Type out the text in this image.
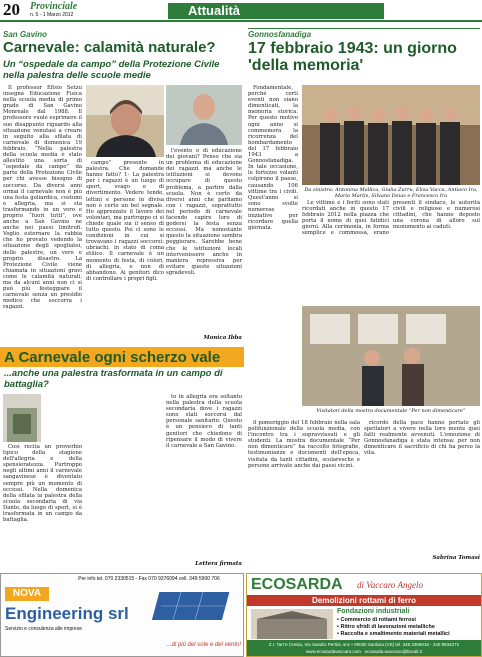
20 Provinciale
n. 5 - 1 Marzo 2012	Attualità
San Gavino
Carnevale: calamità naturale?
Un “ospedale da campo” della Protezione Civile nella palestra delle scuole medie

Il professor Efisio Setzu insegna Educazione Fisica nella scuola media di primo grado di San Gavino Monreale dal 1988. Il professore vuole esprimere il suo disappunto riguardo alla situazione venutasi a creare in seguito alla sfilata di carnevale di domenica 19 febbraio. “Nella palestra della scuola media è stato allestito una sorta di “ospedale da campo” da parte della Protezione Civile per chi avesse bisogno di soccorso. Da diversi anni ormai il carnevale non è più una festa goliardica, costumi e allegria, ma si sta trasformando in un vero e proprio “fuori tutti”, ove anche a San Gavino ne anche nei paesi limitrofi. Voglio esternare la rabbia che ho provato vedendo la situazione degli spogliatoi, delle palestre, un vero e proprio disastro. La Protezione Civile viene chiamata in situazioni gravi come le calamità naturali, ma da alcuni anni non ci si può più festeggiare il carnevale senza un presidio medico che soccorra i ragazzi.

campo” presente in palestra. Che domande hanno fatto? 1- La palestra per i ragazzi è un luogo di sport, svago e di divertimento. Vedere tende, lettini e persone in divisa non è certo un bel segnale. Ho apprezzato il lavoro dei volontari, ma purtroppo ci si chiede quale sia il senso di tutto questo. Poi ci sono le condizioni in cui si trovavano i ragazzi soccorsi: ubriachi, in stato di coma etilico. Il carnevale è un momento di festa, di colori, di allegria, e non di abbandono. Ai genitori dico di controllare i propri figli.

l'evento o di educazione dei giovani? Penso che sia un problema di educazione dei ragazzi ma anche le istituzioni si devono occupare di questo problema, a partire dalla scuola. Non è certo da diversi anni che parliamo con i ragazzi, soprattutto nel periodo di carnevale facendo capire loro di godersi la festa senza eccessi. Ma nonostante questo la situazione sembra peggiorare. Sarebbe bene che le istituzioni locali intervenissero anche in maniera repressiva per evitare queste situazioni sgradevoli.

Monica Ibba
Gonnosfanadiga
17 febbraio 1943: un giorno 'della memoria'

Fondamentale, perché certi eventi non siano dimenticati, la memoria storica. Per questo motivo ogni anno si commemora la ricorrenza del bombardamento del 17 febbraio 1943 a Gonnosfanadiga. In tale occasione, le fortezze volanti colpirono il paese, causando 106 vittime tra i civili. Quest'anno si sono svolte numerose iniziative per ricordare quella giornata.

Da sinistra: Antonina Mallica, Giulia Zurru, Elisa Vacca, Antioco Ira, Maria Martis, Silvano Deias e Francesco Ira

Le vittime e i feriti sono stati ricordati anche in questo 17 febbraio 2012 nella piazza che porta il nome di quei fatidici giorni. Alla cerimonia, in forma semplice e commossa, erano presenti il sindaco, le autorità civili e religiose e numerosi cittadini, che hanno deposto una corona di alloro sul monumento ai caduti.

Visitatori della mostra documentale “Per non dimenticare”

il pomeriggio del 18 febbraio nella sala polifunzionale della scuola media, con l'incontro tra i sopravvissuti e gli studenti. La mostra documentale “Per non dimenticare” ha raccolto fotografie, testimonianze e documenti dell'epoca, visitata da tanti cittadini, scolaresche e persone arrivate anche dai paesi vicini.

ricordo della pace hanno portato gli spettatori a vivere nella loro mente quei fatti realmente avvenuti. L'emozione di Gonnosfanadiga è stata intensa: per non dimenticare il sacrificio di chi ha perso la vita.

Sabrina Tomasi
A Carnevale ogni scherzo vale
...anche una palestra trasformata in un campo di battaglia?

Così recita un proverbio tipico della stagione dell'allegria e della spensieratezza. Purtroppo negli ultimi anni il carnevale sangavinese è diventato sempre più un momento di eccessi. Nella domenica della sfilata la palestra della scuola secondaria di via Dante, da luogo di sport, si è trasformata in un campo da battaglia.

to in allegria era soltanto nella palestra della scuola secondaria dove i ragazzi sono stati soccorsi dal personale sanitario. Questo è un pensiero di tanti genitori che chiedono di ripensare il modo di vivere il carnevale a San Gavino.

Lettera firmata
Per info tel. 070 2330515 - Fax 070 9376094 cell. 349 5900 706
NOVA
Engineering srl
Servizio e consulenza alle imprese
...di più del sole e del vento!
ECOSARDA di Vaccaro Angelo
Demolizioni rottami di ferro
Fondazioni industriali
• Commercio di rottami ferrosi
• Ritiro sfridi di lavorazioni metalliche
• Raccolta e smaltimento materiali metallici
Z.I. Tarr'e Cresia, Via Sandro Pertini, snc • 09030 Sardara (VS) tel. 348 3366018 - 340 9834271
www.ecosardavaccaro.com ecosarda.avaccaro@tiscali.it
